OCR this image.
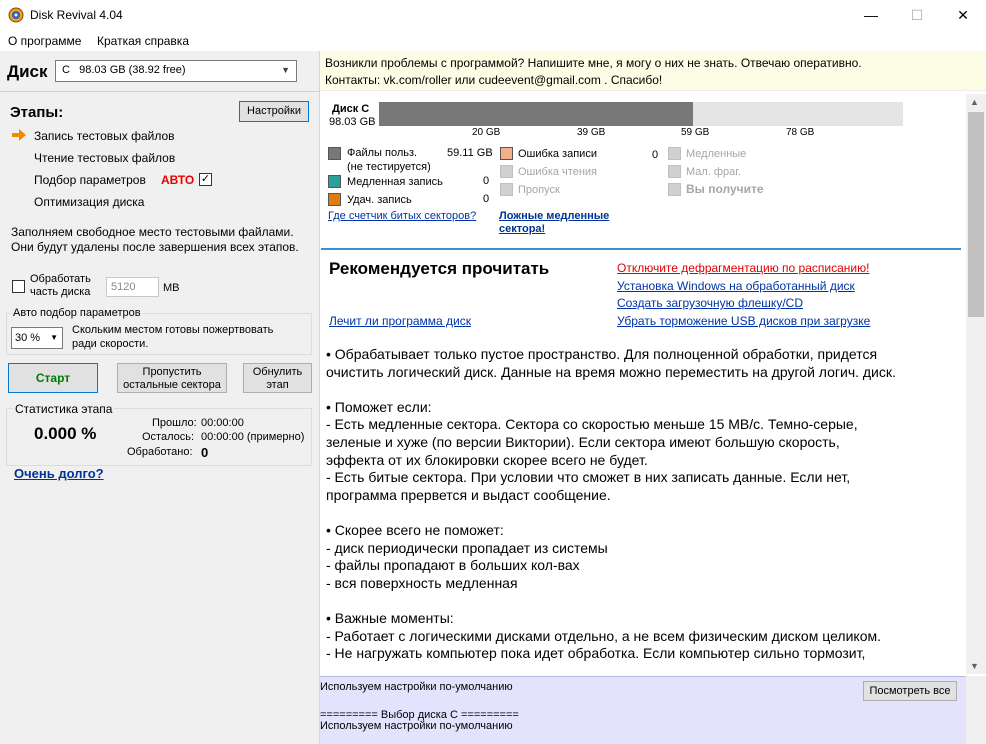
Disk Revival 4.04	—	☐	✕
О программе Краткая справка
Диск	C   98.03 GB (38.92 free)	▼
Этапы:	Настройки
Запись тестовых файлов
Чтение тестовых файлов
Подбор параметров АВТО ✓
Оптимизация диска
Заполняем свободное место тестовыми файлами. Они будут удалены после завершения всех этапов.
Обработать
часть диска	5120	MB
Авто подбор параметров
30 % ▼
Скольким местом готовы пожертвовать ради скорости.
Старт	Пропустить
остальные сектора
Обнулить
этап
Статистика этапа
0.000 %
Прошло: 00:00:00
Осталось: 00:00:00 (примерно)
Обработано: 0
Очень долго?
Возникли проблемы с программой? Напишите мне, я могу о них не знать. Отвечаю оперативно.
Контакты: vk.com/roller или cudeevent@gmail.com . Спасибо!
Диск C
98.03 GB
20 GB	39 GB	59 GB	78 GB
Файлы польз.
(не тестируется)
59.11 GB
Медленная запись	0
Удач. запись	0
Ошибка записи	0
Ошибка чтения
Пропуск
Медленные
Мал. фраг.
Вы получите
Где счетчик битых секторов? Ложные медленные
сектора!
Рекомендуется прочитать
Лечит ли программа диск
Отключите дефрагментацию по расписанию!
Установка Windows на обработанный диск
Создать загрузочную флешку/CD
Убрать торможение USB дисков при загрузке
• Обрабатывает только пустое пространство. Для полноценной обработки, придется
очистить логический диск. Данные на время можно переместить на другой логич. диск.

• Поможет если:
- Есть медленные сектора. Сектора со скоростью меньше 15 MB/c. Темно-серые,
зеленые и хуже (по версии Виктории). Если сектора имеют большую скорость,
эффекта от их блокировки скорее всего не будет.
- Есть битые сектора. При условии что сможет в них записать данные. Если нет,
программа прервется и выдаст сообщение.

• Скорее всего не поможет:
- диск периодически пропадает из системы
- файлы пропадают в больших кол-вах
- вся поверхность медленная

• Важные моменты:
- Работает с логическими дисками отдельно, а не всем физическим диском целиком.
- Не нагружать компьютер пока идет обработка. Если компьютер сильно тормозит,
▲
▼
Используем настройки по-умолчанию
========= Выбор диска C =========
Используем настройки по-умолчанию
Посмотреть все
